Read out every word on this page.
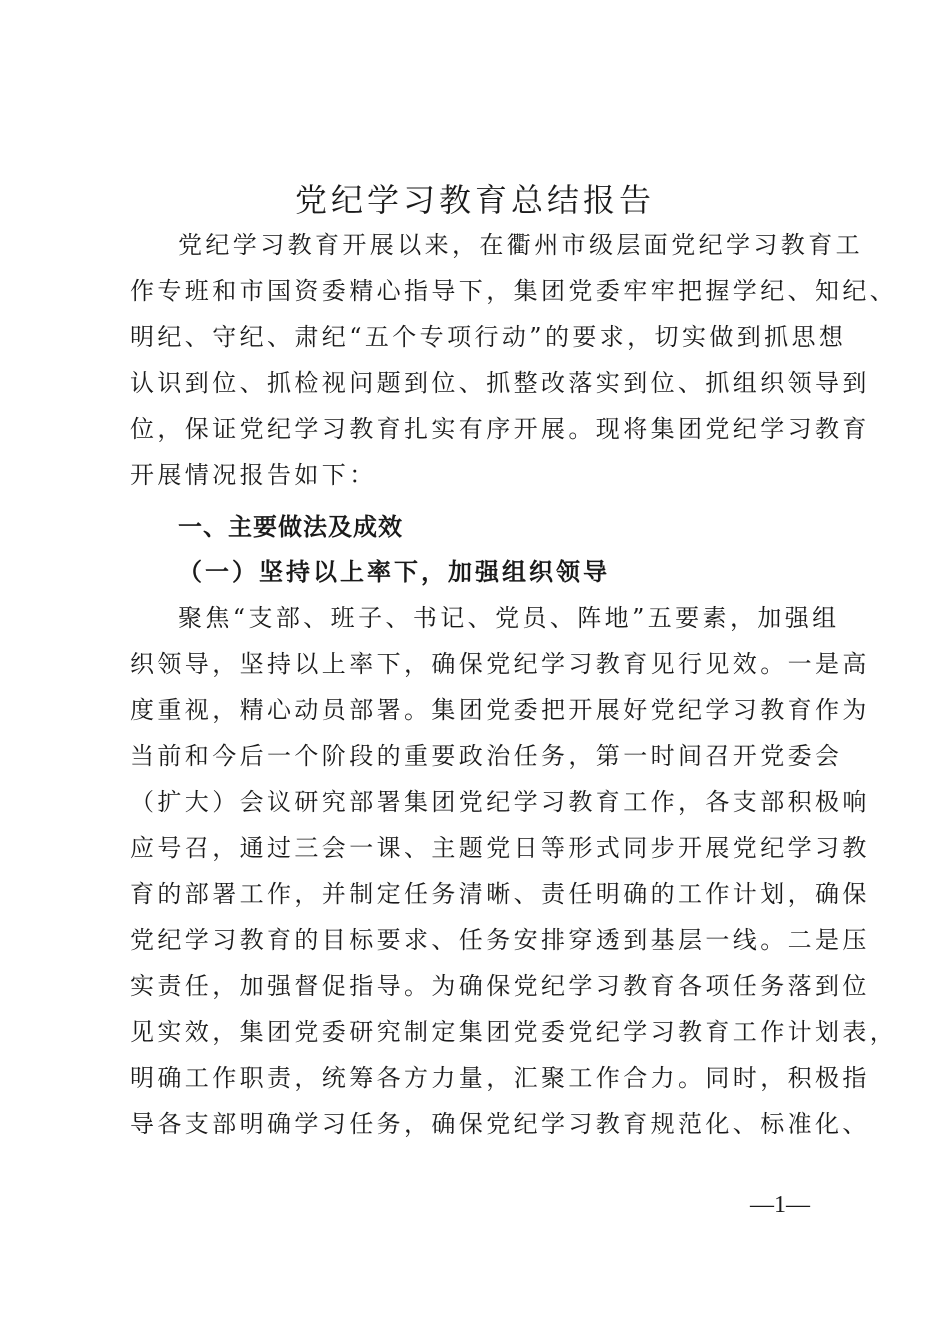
党纪学习教育总结报告
党纪学习教育开展以来，在衢州市级层面党纪学习教育工
作专班和市国资委精心指导下，集团党委牢牢把握学纪、知纪、
明纪、守纪、肃纪“五个专项行动”的要求，切实做到抓思想
认识到位、抓检视问题到位、抓整改落实到位、抓组织领导到
位，保证党纪学习教育扎实有序开展。现将集团党纪学习教育
开展情况报告如下：
一、主要做法及成效
（一）坚持以上率下，加强组织领导
聚焦“支部、班子、书记、党员、阵地”五要素，加强组
织领导，坚持以上率下，确保党纪学习教育见行见效。一是高
度重视，精心动员部署。集团党委把开展好党纪学习教育作为
当前和今后一个阶段的重要政治任务，第一时间召开党委会
（扩大）会议研究部署集团党纪学习教育工作，各支部积极响
应号召，通过三会一课、主题党日等形式同步开展党纪学习教
育的部署工作，并制定任务清晰、责任明确的工作计划，确保
党纪学习教育的目标要求、任务安排穿透到基层一线。二是压
实责任，加强督促指导。为确保党纪学习教育各项任务落到位
见实效，集团党委研究制定集团党委党纪学习教育工作计划表，
明确工作职责，统筹各方力量，汇聚工作合力。同时，积极指
导各支部明确学习任务，确保党纪学习教育规范化、标准化、
—1—
